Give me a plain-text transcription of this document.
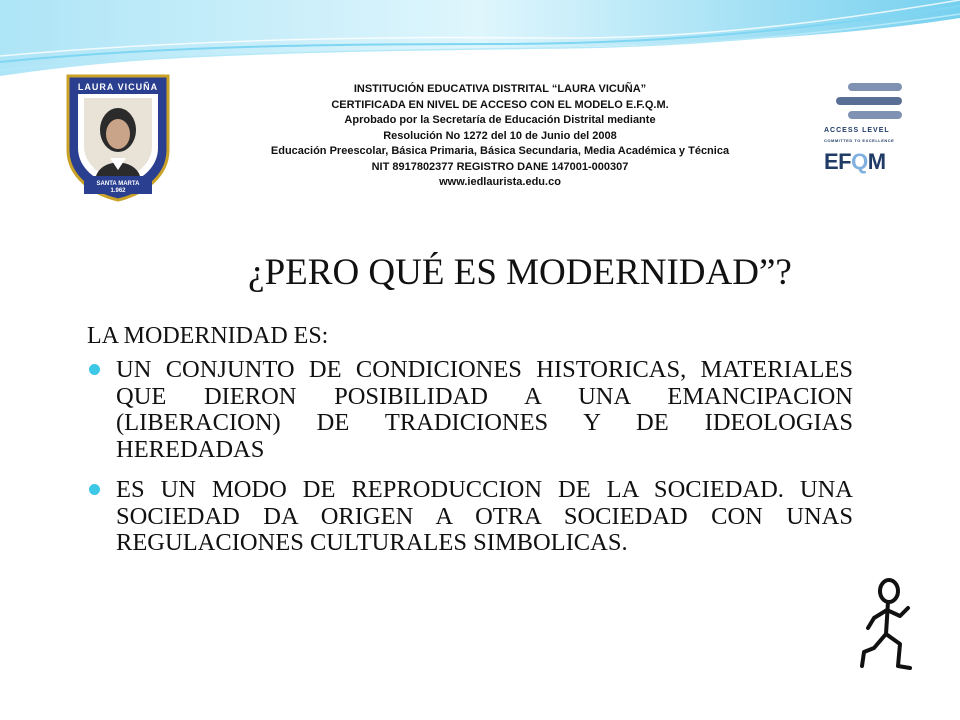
LAURA VICUÑA
SANTA MARTA
1.962
INSTITUCIÓN EDUCATIVA DISTRITAL “LAURA VICUÑA”
CERTIFICADA EN NIVEL DE ACCESO CON EL MODELO E.F.Q.M.
Aprobado por la Secretaría de Educación Distrital mediante
Resolución No 1272 del 10 de Junio del 2008
Educación Preescolar, Básica Primaria, Básica Secundaria, Media Académica y Técnica
NIT 8917802377 REGISTRO DANE 147001-000307
www.iedlaurista.edu.co
ACCESS LEVEL
COMMITTED TO EXCELLENCE
EFQM
¿PERO QUÉ ES MODERNIDAD”?
LA MODERNIDAD ES:
UN CONJUNTO DE CONDICIONES HISTORICAS, MATERIALES QUE DIERON POSIBILIDAD A UNA EMANCIPACION (LIBERACION) DE TRADICIONES Y DE IDEOLOGIAS HEREDADAS
ES UN MODO DE REPRODUCCION DE LA SOCIEDAD. UNA SOCIEDAD DA ORIGEN A OTRA SOCIEDAD CON UNAS REGULACIONES CULTURALES SIMBOLICAS.
